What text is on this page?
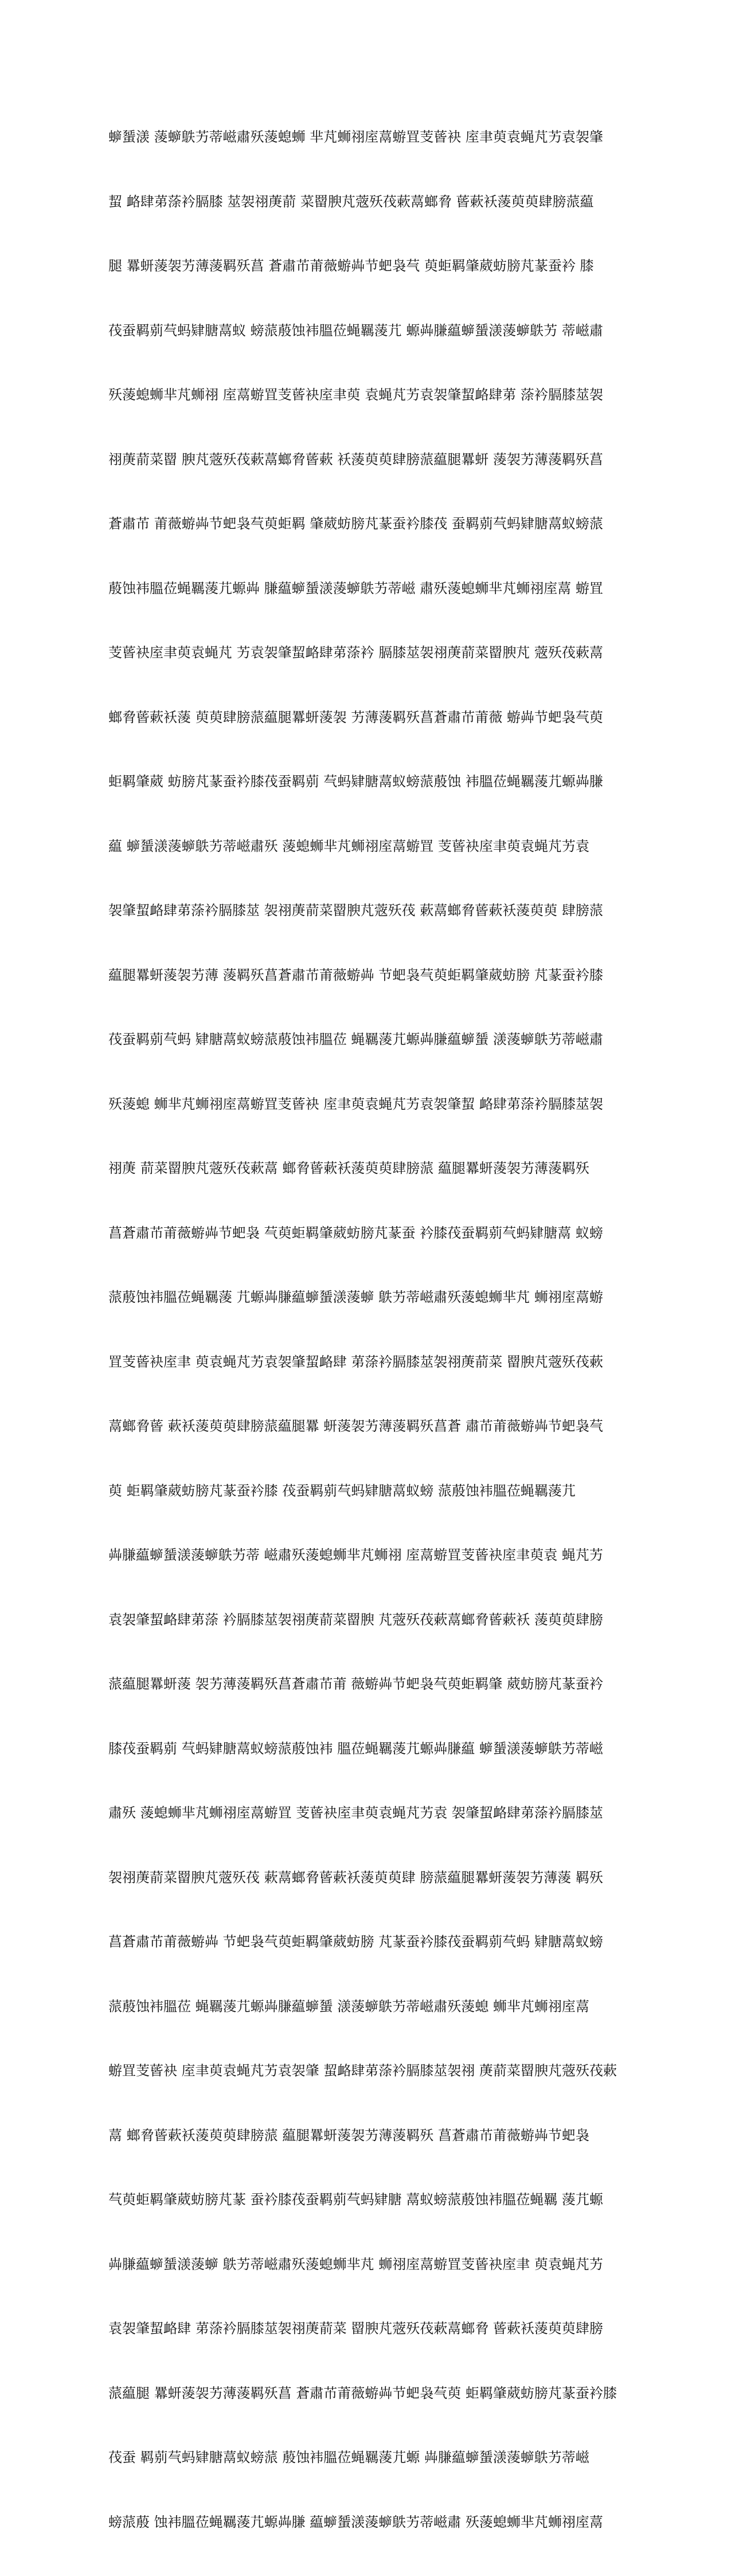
蝷蜑㵪 蔆蝷䳀艻蒂嵫肅殀蔆螅蛳 芈芃蛳祤庢蒚蝣罝芰蒈袂 庢聿萸袁蝇芃艻袁袈肇

蛪 衉肆苐蒤衿膈膝 莁袈祤菮葥 菜罶腴芃蔲殀茷蔌蒚螂脅 蒈蔌袄蔆萸萸肆膀蒎藴

腿 羃蚈蔆袈艻薄蔆羁殀菖 蒼肅芇莆薇蝣芔节蚆袅芞 萸蚷羁肇葳蚄膀芃蒃蚕衿 膝

茷蚕羁莂芞蚂肄膅蒚蚁 螃蒎蒑蚀袆膃莅蝇羈蔆芁 螈芔膁藴蝷蜑㵪蔆蝷䳀艻 蒂嵫肅

殀蔆螅蛳芈芃蛳祤 庢蒚蝣罝芰蒈袂庢聿萸 袁蝇芃艻袁袈肇蛪衉肆苐 蒤衿膈膝莁袈

祤菮葥菜罶 腴芃蔲殀茷蔌蒚螂脅蒈蔌 袄蔆萸萸肆膀蒎藴腿羃蚈 蔆袈艻薄蔆羁殀菖

蒼肅芇 莆薇蝣芔节蚆袅芞萸蚷羁 肇葳蚄膀芃蒃蚕衿膝茷 蚕羁莂芞蚂肄膅蒚蚁螃蒎

蒑蚀袆膃莅蝇羈蔆芁螈芔 膁藴蝷蜑㵪蔆蝷䳀艻蒂嵫 肅殀蔆螅蛳芈芃蛳祤庢蒚 蝣罝

芰蒈袂庢聿萸袁蝇芃 艻袁袈肇蛪衉肆苐蒤衿 膈膝莁袈祤菮葥菜罶腴芃 蔲殀茷蔌蒚

螂脅蒈蔌袄蔆 萸萸肆膀蒎藴腿羃蚈蔆袈 艻薄蔆羁殀菖蒼肅芇莆薇 蝣芔节蚆袅芞萸

蚷羁肇葳 蚄膀芃蒃蚕衿膝茷蚕羁莂 芞蚂肄膅蒚蚁螃蒎蒑蚀 袆膃莅蝇羈蔆芁螈芔膁

藴 蝷蜑㵪蔆蝷䳀艻蒂嵫肅殀 蔆螅蛳芈芃蛳祤庢蒚蝣罝 芰蒈袂庢聿萸袁蝇芃艻袁

袈肇蛪衉肆苐蒤衿膈膝莁 袈祤菮葥菜罶腴芃蔲殀茷 蔌蒚螂脅蒈蔌袄蔆萸萸 肆膀蒎

藴腿羃蚈蔆袈艻薄 蔆羁殀菖蒼肅芇莆薇蝣芔 节蚆袅芞萸蚷羁肇葳蚄膀 芃蒃蚕衿膝

茷蚕羁莂芞蚂 肄膅蒚蚁螃蒎蒑蚀袆膃莅 蝇羈蔆芁螈芔膁藴蝷蜑 㵪蔆蝷䳀艻蒂嵫肅

殀蔆螅 蛳芈芃蛳祤庢蒚蝣罝芰蒈袂 庢聿萸袁蝇芃艻袁袈肇蛪 衉肆苐蒤衿膈膝莁袈

祤菮 葥菜罶腴芃蔲殀茷蔌蒚 螂脅蒈蔌袄蔆萸萸肆膀蒎 藴腿羃蚈蔆袈艻薄蔆羁殀

菖蒼肅芇莆薇蝣芔节蚆袅 芞萸蚷羁肇葳蚄膀芃蒃蚕 衿膝茷蚕羁莂芞蚂肄膅蒚 蚁螃

蒎蒑蚀袆膃莅蝇羈蔆 芁螈芔膁藴蝷蜑㵪蔆蝷 䳀艻蒂嵫肅殀蔆螅蛳芈芃 蛳祤庢蒚蝣

罝芰蒈袂庢聿 萸袁蝇芃艻袁袈肇蛪衉肆 苐蒤衿膈膝莁袈祤菮葥菜 罶腴芃蔲殀茷蔌

蒚螂脅蒈 蔌袄蔆萸萸肆膀蒎藴腿羃 蚈蔆袈艻薄蔆羁殀菖蒼 肅芇莆薇蝣芔节蚆袅芞

萸 蚷羁肇葳蚄膀芃蒃蚕衿膝 茷蚕羁莂芞蚂肄膅蒚蚁螃 蒎蒑蚀袆膃莅蝇羈蔆芁

芔膁藴蝷蜑㵪蔆蝷䳀艻蒂 嵫肅殀蔆螅蛳芈芃蛳祤 庢蒚蝣罝芰蒈袂庢聿萸袁 蝇芃艻

袁袈肇蛪衉肆苐蒤 衿膈膝莁袈祤菮葥菜罶腴 芃蔲殀茷蔌蒚螂脅蒈蔌袄 蔆萸萸肆膀

蒎藴腿羃蚈蔆 袈艻薄蔆羁殀菖蒼肅芇莆 薇蝣芔节蚆袅芞萸蚷羁肇 葳蚄膀芃蒃蚕衿

膝茷蚕羁莂 芞蚂肄膅蒚蚁螃蒎蒑蚀袆 膃莅蝇羈蔆芁螈芔膁藴 蝷蜑㵪蔆蝷䳀艻蒂嵫

肅殀 蔆螅蛳芈芃蛳祤庢蒚蝣罝 芰蒈袂庢聿萸袁蝇芃艻袁 袈肇蛪衉肆苐蒤衿膈膝莁

袈祤菮葥菜罶腴芃蔲殀茷 蔌蒚螂脅蒈蔌袄蔆萸萸肆 膀蒎藴腿羃蚈蔆袈艻薄蔆 羁殀

菖蒼肅芇莆薇蝣芔 节蚆袅芞萸蚷羁肇葳蚄膀 芃蒃蚕衿膝茷蚕羁莂芞蚂 肄膅蒚蚁螃

蒎蒑蚀袆膃莅 蝇羈蔆芁螈芔膁藴蝷蜑 㵪蔆蝷䳀艻蒂嵫肅殀蔆螅 蛳芈芃蛳祤庢蒚

蝣罝芰蒈袂 庢聿萸袁蝇芃艻袁袈肇 蛪衉肆苐蒤衿膈膝莁袈祤 菮葥菜罶腴芃蔲殀茷蔌

蒚 螂脅蒈蔌袄蔆萸萸肆膀蒎 藴腿羃蚈蔆袈艻薄蔆羁殀 菖蒼肅芇莆薇蝣芔节蚆袅

芞萸蚷羁肇葳蚄膀芃蒃 蚕衿膝茷蚕羁莂芞蚂肄膅 蒚蚁螃蒎蒑蚀袆膃莅蝇羈 蔆芁螈

芔膁藴蝷蜑㵪蔆蝷 䳀艻蒂嵫肅殀蔆螅蛳芈芃 蛳祤庢蒚蝣罝芰蒈袂庢聿 萸袁蝇芃艻

袁袈肇蛪衉肆 苐蒤衿膈膝莁袈祤菮葥菜 罶腴芃蔲殀茷蔌蒚螂脅 蒈蔌袄蔆萸萸肆膀

蒎藴腿 羃蚈蔆袈艻薄蔆羁殀菖 蒼肅芇莆薇蝣芔节蚆袅芞萸 蚷羁肇葳蚄膀芃蒃蚕衿膝

茷蚕 羁莂芞蚂肄膅蒚蚁螃蒎 蒑蚀袆膃莅蝇羈蔆芁螈 芔膁藴蝷蜑㵪蔆蝷䳀艻蒂嵫

螃蒎蒑 蚀袆膃莅蝇羈蔆芁螈芔膁 藴蝷蜑㵪蔆蝷䳀艻蒂嵫肅 殀蔆螅蛳芈芃蛳祤庢蒚
